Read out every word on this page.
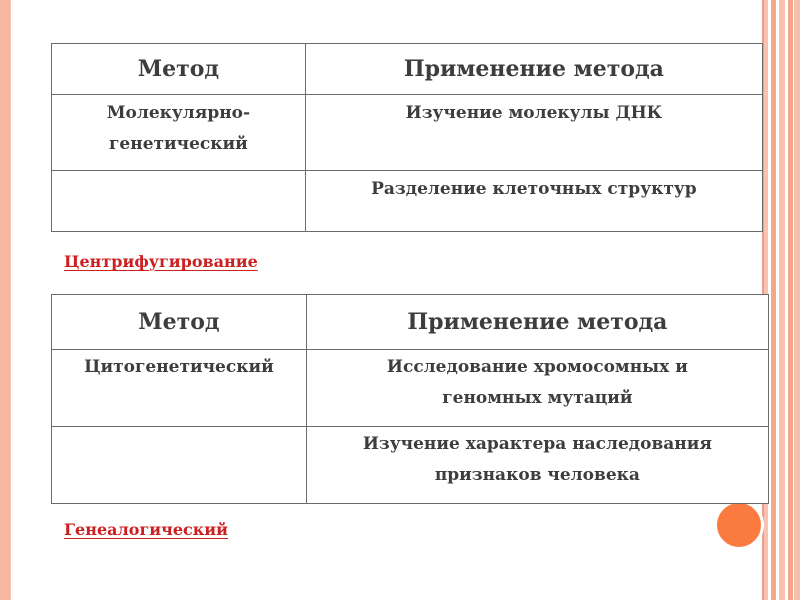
Метод	Применение метода
Молекулярно-генетический	Изучение молекулы ДНК
	Разделение клеточных структур
Центрифугирование
Метод	Применение метода
Цитогенетический	Исследование хромосомных и геномных мутаций
	Изучение характера наследования признаков человека
Генеалогический
